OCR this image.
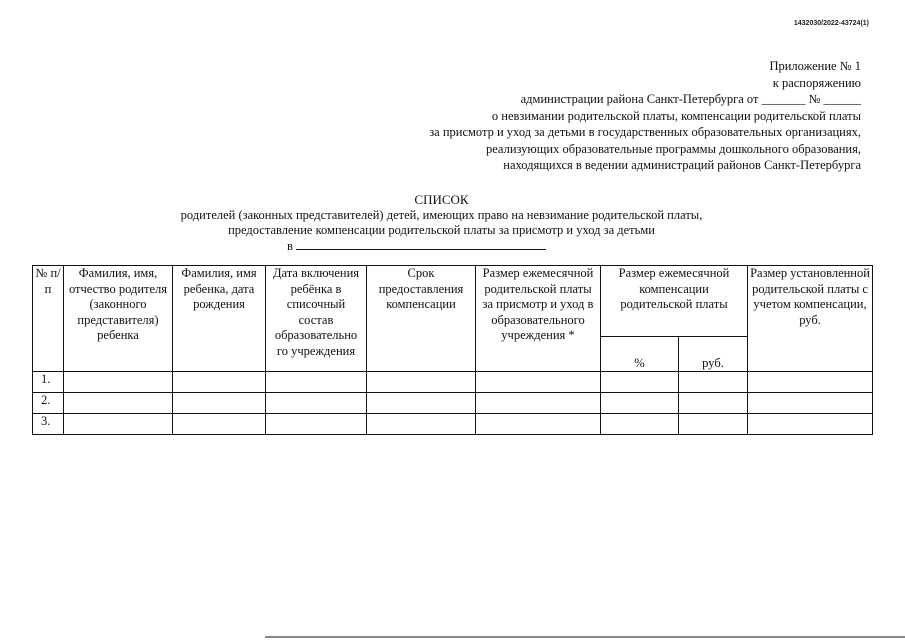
1432030/2022-43724(1)
Приложение № 1
к распоряжению
администрации района Санкт-Петербурга от _______ № ______
о невзимании родительской платы, компенсации родительской платы
за присмотр и уход за детьми в государственных образовательных организациях,
реализующих образовательные программы дошкольного образования,
находящихся в ведении администраций районов Санкт-Петербурга
СПИСОК
родителей (законных представителей) детей, имеющих право на невзимание родительской платы,
предоставление компенсации родительской платы за присмотр и уход за детьми
в
№ п/п	Фамилия, имя, отчество родителя (законного представителя) ребенка	Фамилия, имя ребенка, дата рождения	Дата включения ребёнка в списочный состав образовательно го учреждения	Срок предоставления компенсации	Размер ежемесячной родительской платы за присмотр и уход в образовательного учреждения *	Размер ежемесячной компенсации родительской платы		Размер установленной родительской платы с учетом компенсации, руб.
						%	руб.	
1.								
2.								
3.								
